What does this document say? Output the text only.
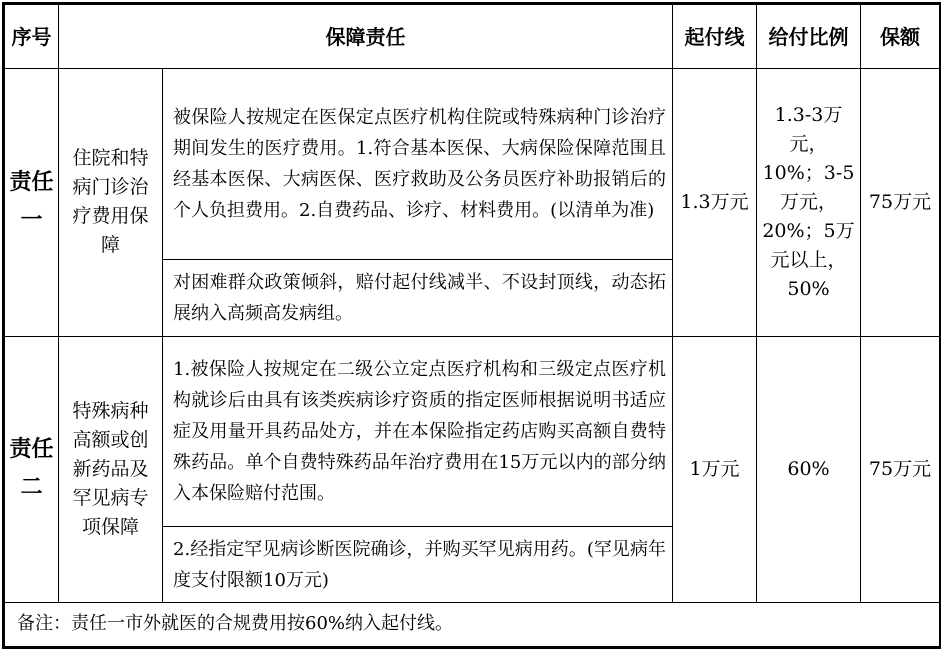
序号	保障责任		起付线	给付比例	保额
责任一	住院和特病门诊治疗费用保障	被保险人按规定在医保定点医疗机构住院或特殊病种门诊治疗期间发生的医疗费用。1.符合基本医保、大病保险保障范围且经基本医保、大病医保、医疗救助及公务员医疗补助报销后的个人负担费用。2.自费药品、诊疗、材料费用。(以清单为准)	1.3万元	1.3-3万元，10%；3-5万元，20%；5万元以上，50%	75万元
		对困难群众政策倾斜，赔付起付线减半、不设封顶线，动态拓展纳入高频高发病组。			
责任二	特殊病种高额或创新药品及罕见病专项保障	1.被保险人按规定在二级公立定点医疗机构和三级定点医疗机构就诊后由具有该类疾病诊疗资质的指定医师根据说明书适应症及用量开具药品处方，并在本保险指定药店购买高额自费特殊药品。单个自费特殊药品年治疗费用在15万元以内的部分纳入本保险赔付范围。	1万元	60%	75万元
		2.经指定罕见病诊断医院确诊，并购买罕见病用药。(罕见病年度支付限额10万元)			
备注：责任一市外就医的合规费用按60%纳入起付线。					
